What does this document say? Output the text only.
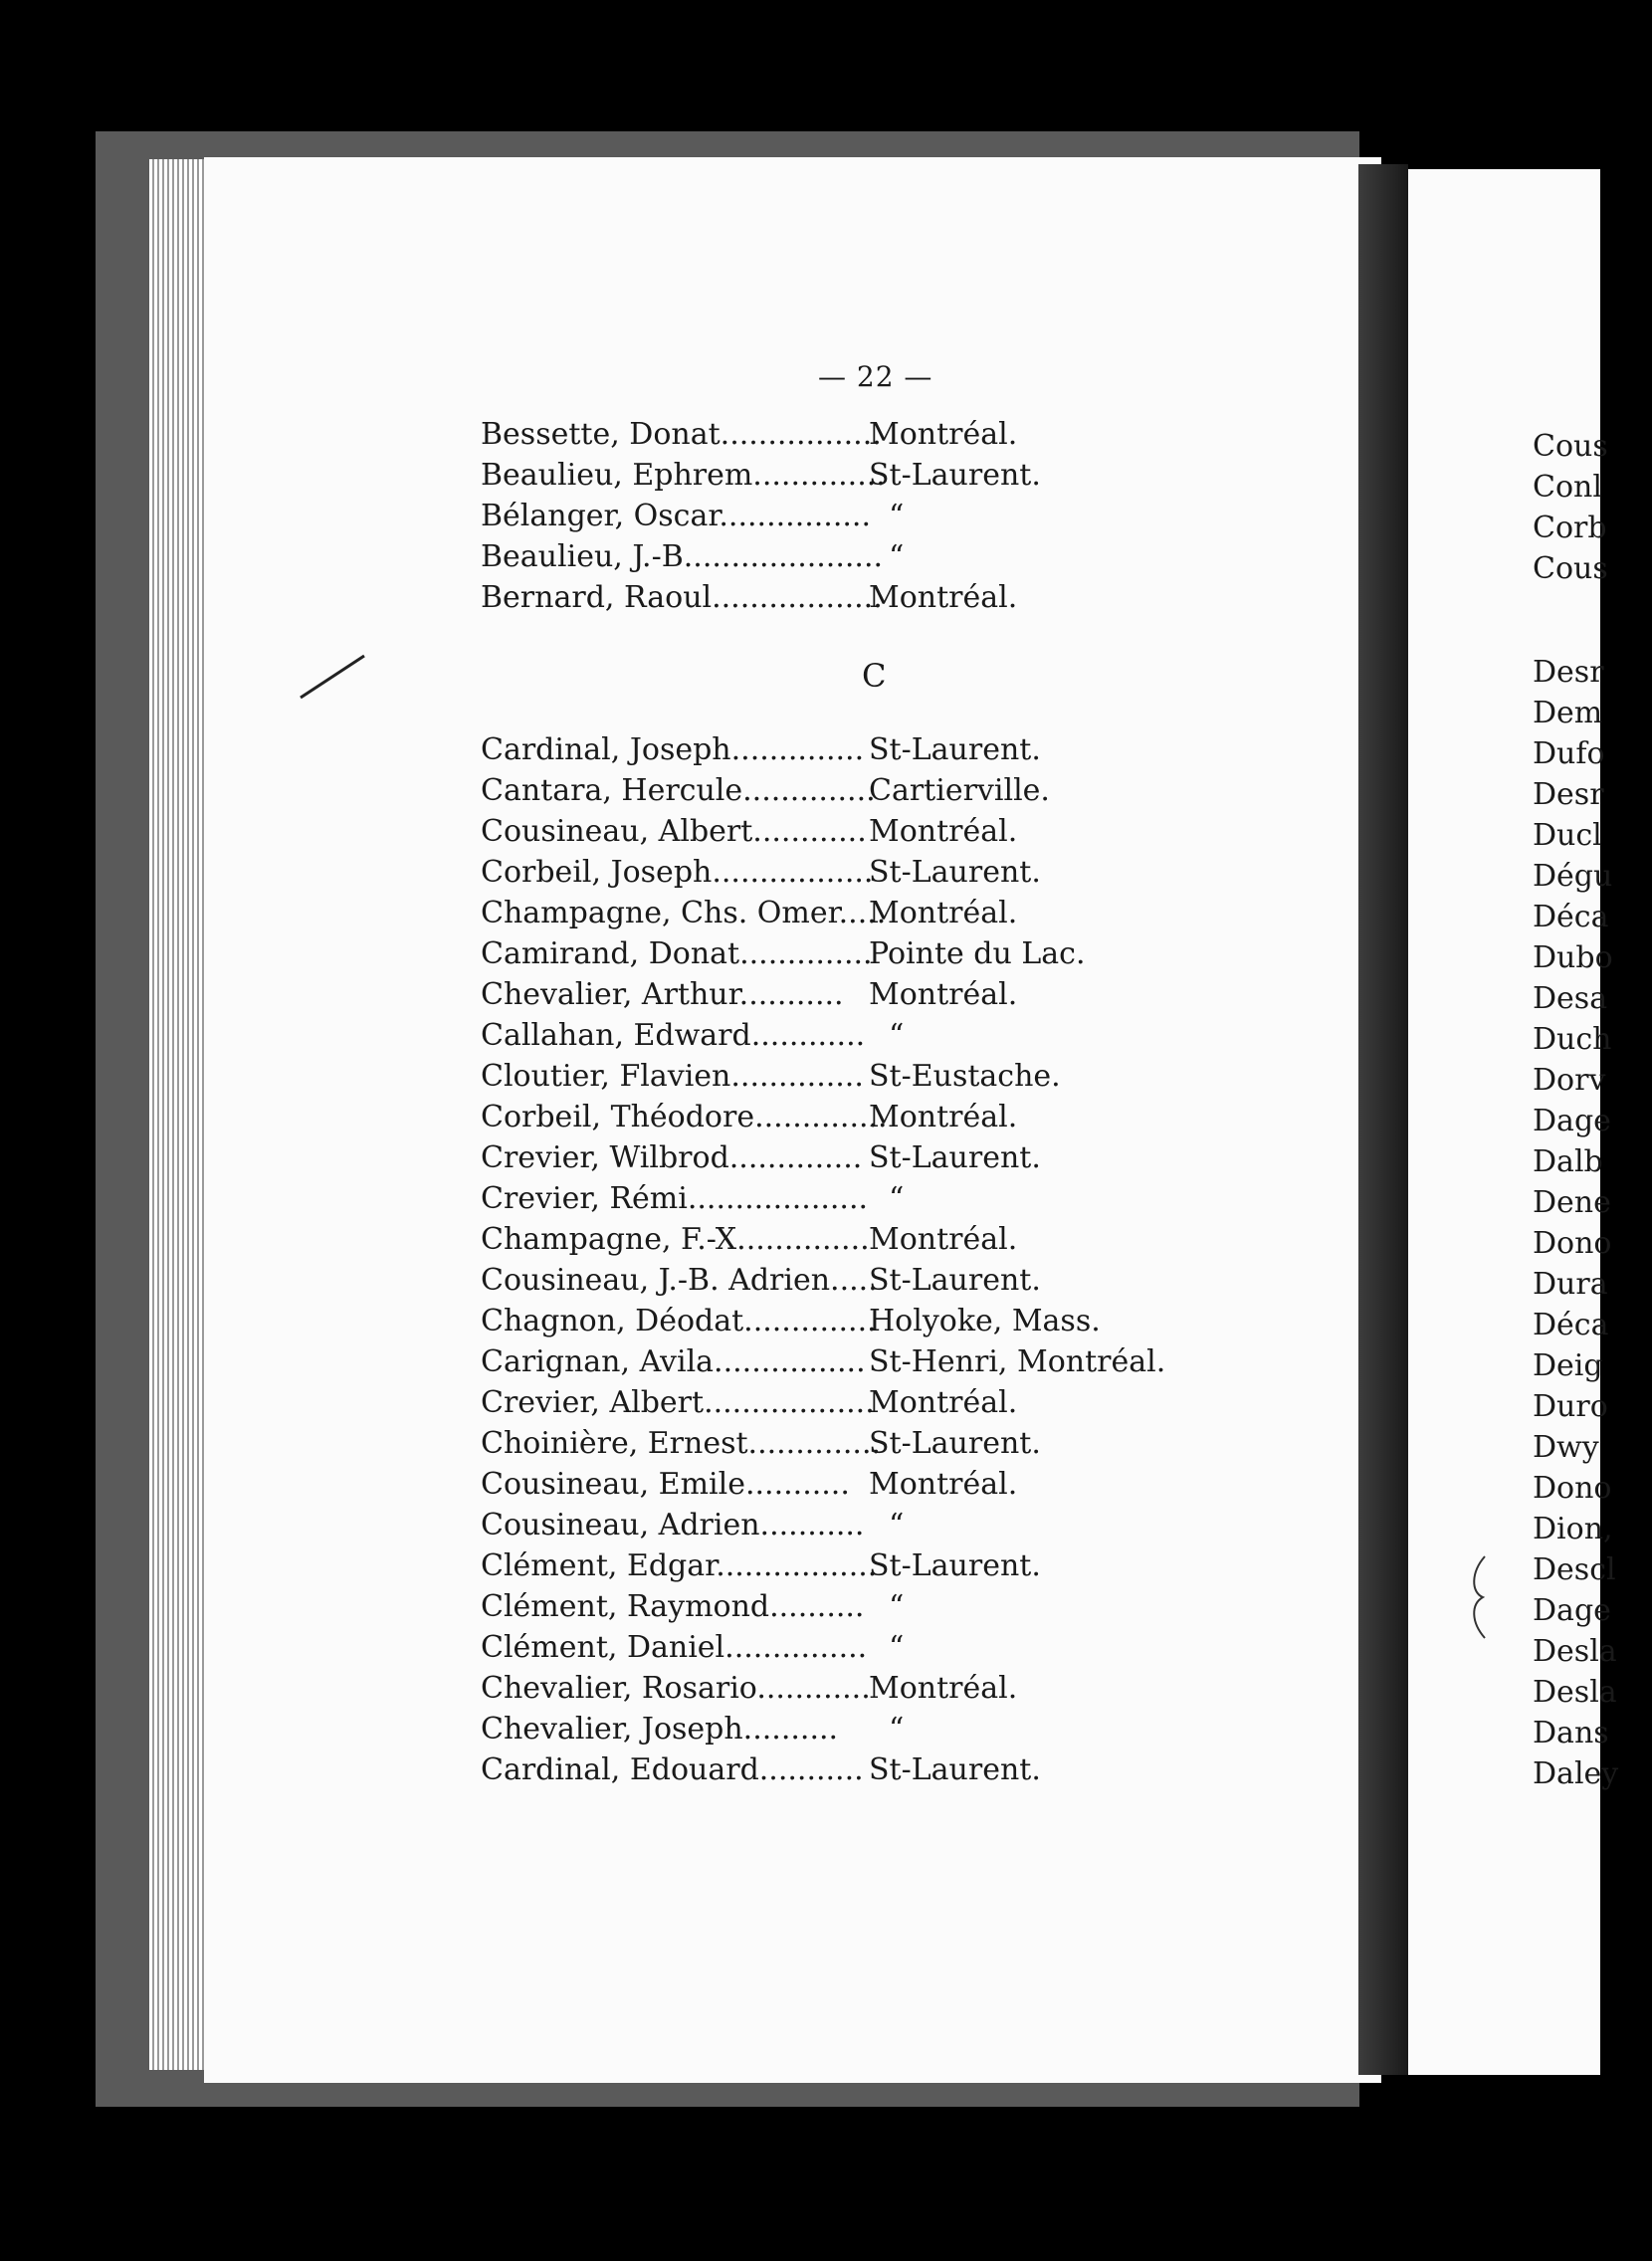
— 22 —
Bessette, Donat.................
Montréal.
Beaulieu, Ephrem..............
St-Laurent.
Bélanger, Oscar................ “
Beaulieu, J.-B..................... “
Bernard, Raoul..................
Montréal.
C
Cardinal, Joseph.............. St-Laurent.
Cantara, Hercule..............
Cartierville.
Cousineau, Albert............ Montréal.
Corbeil, Joseph.................
St-Laurent.
Champagne, Chs. Omer.....
Montréal.
Camirand, Donat..............
Pointe du Lac.
Chevalier, Arthur........... Montréal.
Callahan, Edward............ “
Cloutier, Flavien.............. St-Eustache.
Corbeil, Théodore..............
Montréal.
Crevier, Wilbrod.............. St-Laurent.
Crevier, Rémi................... “
Champagne, F.-X.............. Montréal.
Cousineau, J.-B. Adrien.....
St-Laurent.
Chagnon, Déodat..............
Holyoke, Mass.
Carignan, Avila................ St-Henri, Montréal.
Crevier, Albert..................
Montréal.
Choinière, Ernest..............
St-Laurent.
Cousineau, Emile........... Montréal.
Cousineau, Adrien........... “
Clément, Edgar.................
St-Laurent.
Clément, Raymond.......... “
Clément, Daniel............... “
Chevalier, Rosario............
Montréal.
Chevalier, Joseph.......... “
Cardinal, Edouard........... St-Laurent.
Cous
Conl
Corb
Cous
Desr
Dem
Dufo
Desr
Ducl
Dégu
Déca
Dubo
Desa
Duch
Dorv
Dage
Dalb
Dene
Dono
Dura
Déca
Deig
Duro
Dwy
Dono
Dion,
Descl
Dage
Desla
Desla
Dans
Daley
